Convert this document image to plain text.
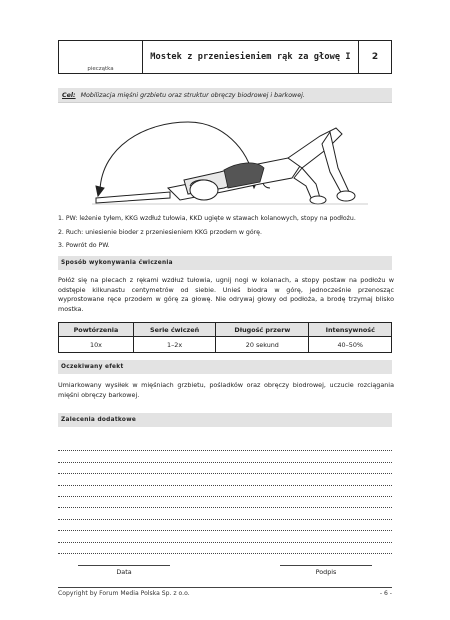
pieczątka
Mostek z przeniesieniem rąk za głowę I	2
Cel: Mobilizacja mięśni grzbietu oraz struktur obręczy biodrowej i barkowej.
1. PW: leżenie tyłem, KKG wzdłuż tułowia, KKD ugięte w stawach kolanowych, stopy na podłożu.
2. Ruch: uniesienie bioder z przeniesieniem KKG przodem w górę.
3. Powrót do PW.
Sposób wykonywania ćwiczenia
Połóż się na plecach z rękami wzdłuż tułowia, ugnij nogi w kolanach, a stopy postaw na podłożu w odstępie kilkunastu centymetrów od siebie. Unieś biodra w górę, jednocześnie przenosząc wyprostowane ręce przodem w górę za głowę. Nie odrywaj głowy od podłoża, a brodę trzymaj blisko mostka.
Powtórzenia	Serie ćwiczeń	Długość przerw	Intensywność
10x	1–2x	20 sekund	40–50%
Oczekiwany efekt
Umiarkowany wysiłek w mięśniach grzbietu, pośladków oraz obręczy biodrowej, uczucie rozciągania mięśni obręczy barkowej.
Zalecenia dodatkowe
Data	Podpis
Copyright by Forum Media Polska Sp. z o.o.	- 6 -
